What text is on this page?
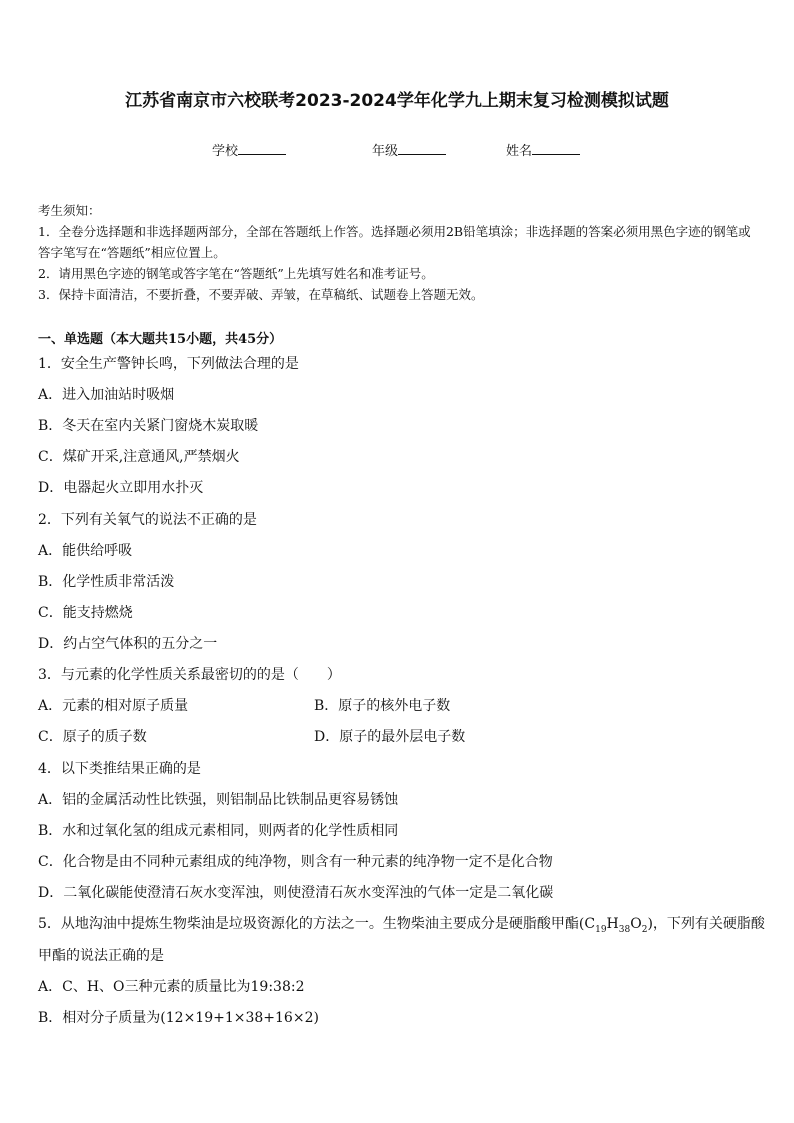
江苏省南京市六校联考2023-2024学年化学九上期末复习检测模拟试题
学校	年级	姓名
考生须知：
1．全卷分选择题和非选择题两部分，全部在答题纸上作答。选择题必须用2B铅笔填涂；非选择题的答案必须用黑色字迹的钢笔或答字笔写在“答题纸”相应位置上。
2．请用黑色字迹的钢笔或答字笔在“答题纸”上先填写姓名和准考证号。
3．保持卡面清洁，不要折叠，不要弄破、弄皱，在草稿纸、试题卷上答题无效。
一、单选题（本大题共15小题，共45分）
1．安全生产警钟长鸣，下列做法合理的是
A．进入加油站时吸烟
B．冬天在室内关紧门窗烧木炭取暖
C．煤矿开采,注意通风,严禁烟火
D．电器起火立即用水扑灭
2．下列有关氧气的说法不正确的是
A．能供给呼吸
B．化学性质非常活泼
C．能支持燃烧
D．约占空气体积的五分之一
3．与元素的化学性质关系最密切的的是（　　）
A．元素的相对原子质量	B．原子的核外电子数
C．原子的质子数	D．原子的最外层电子数
4．以下类推结果正确的是
A．铝的金属活动性比铁强，则铝制品比铁制品更容易锈蚀
B．水和过氧化氢的组成元素相同，则两者的化学性质相同
C．化合物是由不同种元素组成的纯净物，则含有一种元素的纯净物一定不是化合物
D．二氧化碳能使澄清石灰水变浑浊，则使澄清石灰水变浑浊的气体一定是二氧化碳
5．从地沟油中提炼生物柴油是垃圾资源化的方法之一。生物柴油主要成分是硬脂酸甲酯$(C_{19}H_{38}O_2)$，下列有关硬脂酸
甲酯的说法正确的是
A．C、H、O三种元素的质量比为19:38:2
B．相对分子质量为(12×19+1×38+16×2)
